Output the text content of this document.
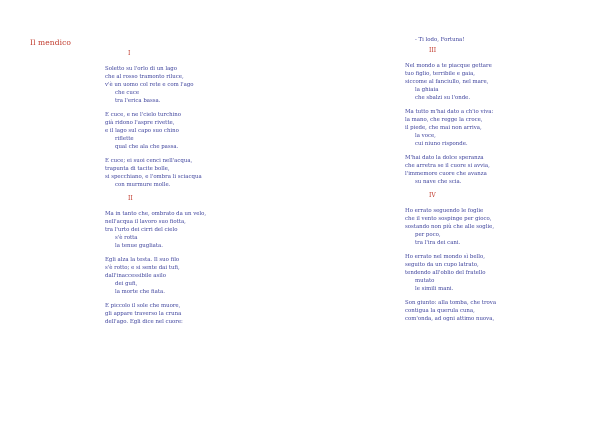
Il mendico
I
Soletto su l'orlo di un lago
che al rosso tramonto riluce,
v'è un uomo col rete e com l'ago
che cuce
tra l'erica bassa.
E cuce, e ne l'cielo turchino
già ridono l'aspre rivette,
e il lago sul capo suo chino
riflette
qual che ala che passa.
E cuce; ei suoi cenci nell'acqua,
trapunta di tacite bolle,
si specchiano, e l'ombra li sciacqua
con murmure molle.
II
Ma in tanto che, ombrato da un velo,
nell'acqua il lavoro suo fiotta,
tra l'urto dei cirri del cielo
s'è rotta
la tenue gugliata.
Egli alza la testa. Il suo filo
s'è rotto; e si sente dai tufi,
dall'inaccessibile asilo
dei gufi,
la morte che fiata.
E piccolo il sole che muore,
gli appare traverso la cruna
dell'ago. Egli dice nel cuore:
- Ti lodo, Fortuna!
III
Nel mondo a te piacque gettare
tuo figlio, terribile e gaia,
siccome al fanciullo, nel mare,
la ghiaia
che sbalzi su l'onde.
Ma tutto m'hai dato a ch'io viva:
la mano, che regge la croce,
il piede, che mai non arriva,
la voce,
cui niuno risponde.
M'hai dato la dolce speranza
che arretra se il cuore si avvia,
l'immemore cuore che avanza
su nave che scia.
IV
Ho errato seguendo le foglie
che il vento sospinge per gioco,
sostando non più che alle soglie,
per poco,
tra l'ira dei cani.
Ho errato nel mondo sì bello,
seguito da un cupo latrato,
tendendo all'oblio del fratello
mutato
le simili mani.
Son giunto: alla tomba, che trova
contigua la querula cuna,
com'onda, ad ogni attimo nuova,
